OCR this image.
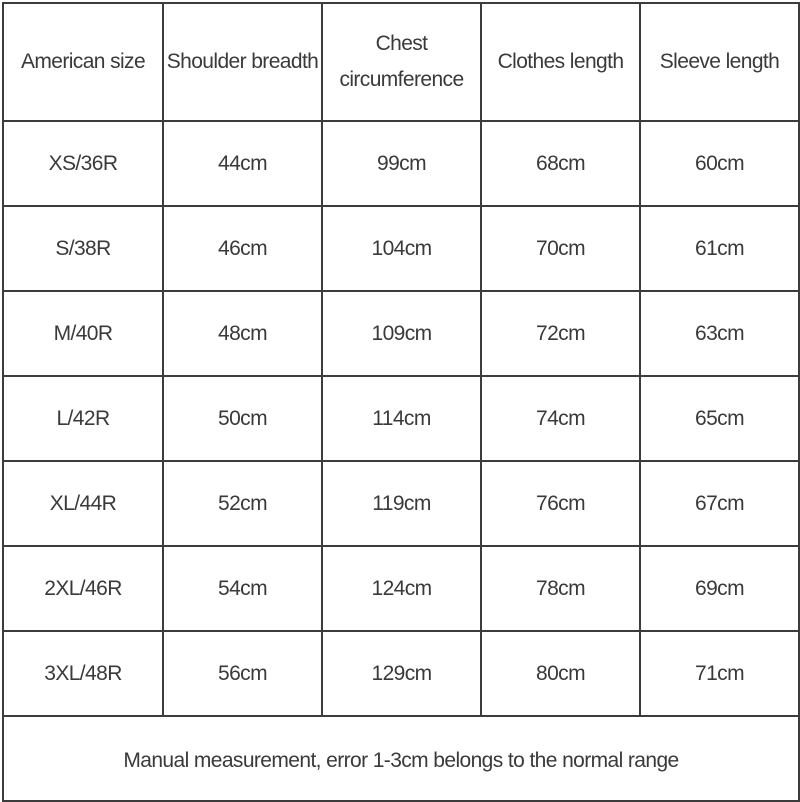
American size	Shoulder breadth	Chest circumference	Clothes length	Sleeve length
XS/36R	44cm	99cm	68cm	60cm
S/38R	46cm	104cm	70cm	61cm
M/40R	48cm	109cm	72cm	63cm
L/42R	50cm	114cm	74cm	65cm
XL/44R	52cm	119cm	76cm	67cm
2XL/46R	54cm	124cm	78cm	69cm
3XL/48R	56cm	129cm	80cm	71cm
Manual measurement, error 1-3cm belongs to the normal range				
